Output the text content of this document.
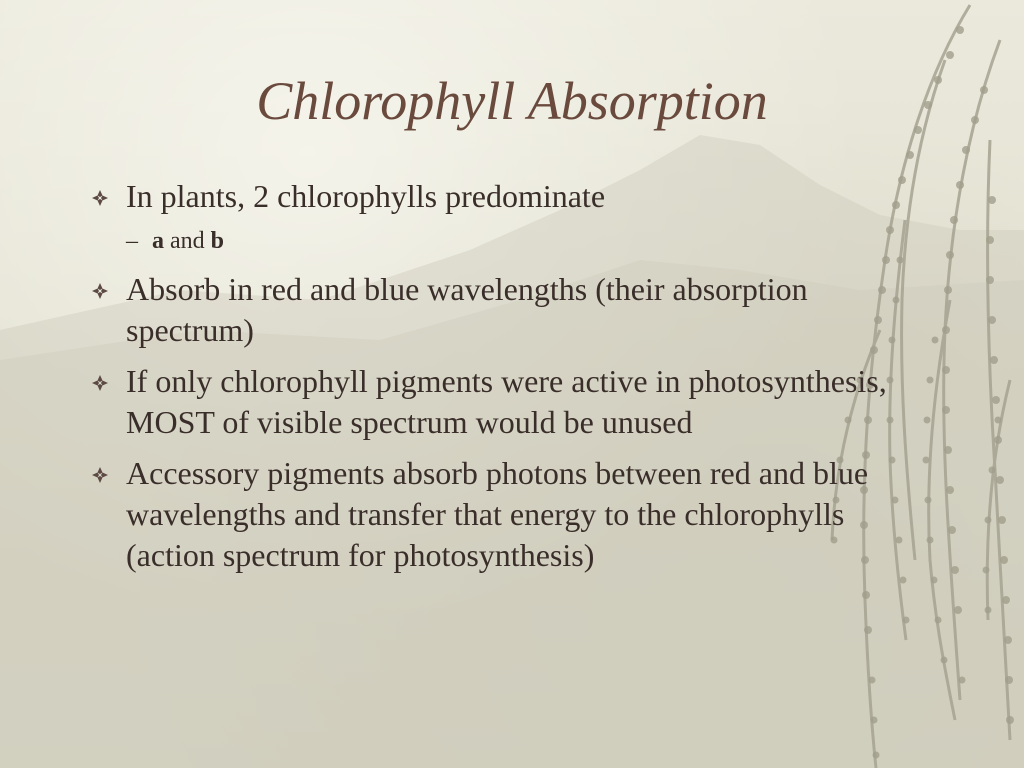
Chlorophyll Absorption
In plants, 2 chlorophylls predominate
– a and b
Absorb in red and blue wavelengths (their absorption spectrum)
If only chlorophyll pigments were active in photosynthesis, MOST of visible spectrum would be unused
Accessory pigments absorb photons between red and blue wavelengths and transfer that energy to the chlorophylls (action spectrum for photosynthesis)
